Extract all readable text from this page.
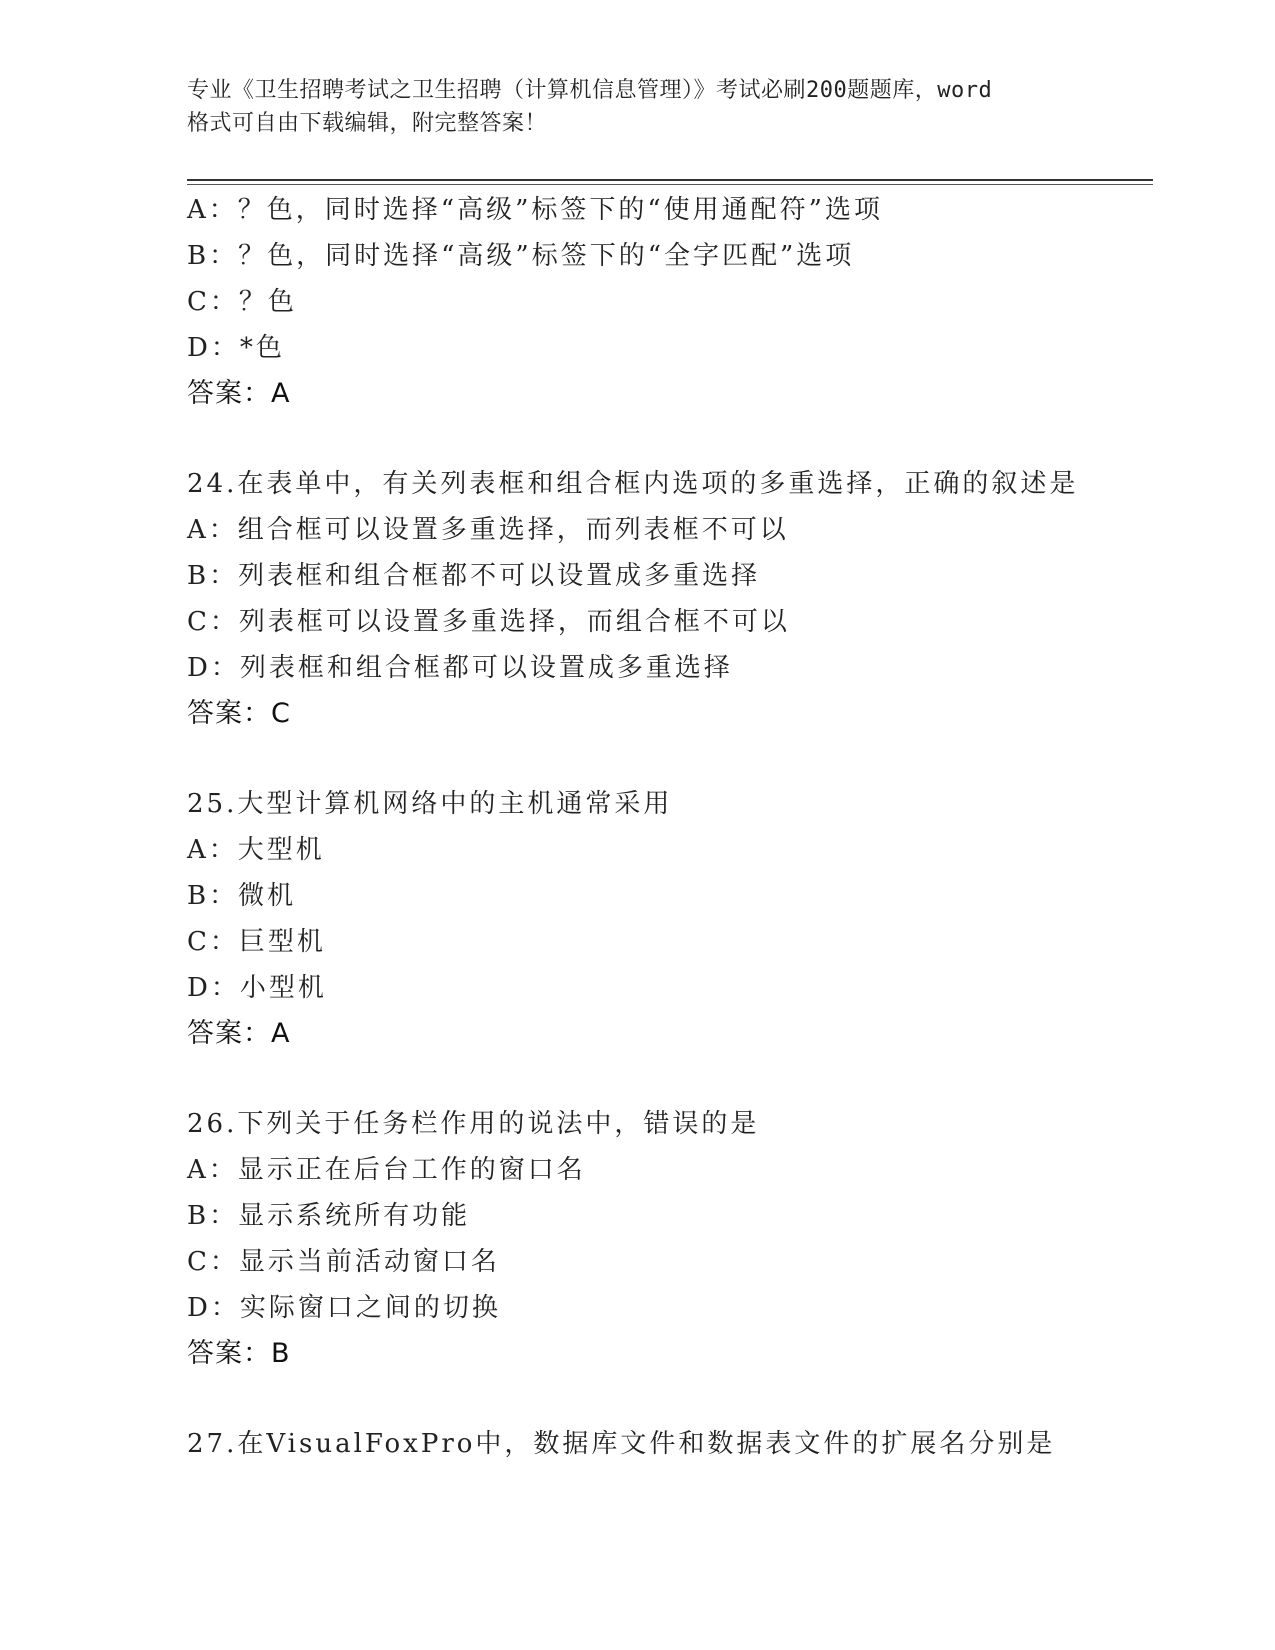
专业《卫生招聘考试之卫生招聘（计算机信息管理）》考试必刷200题题库，word
格式可自由下载编辑，附完整答案！
A：？色，同时选择“高级”标签下的“使用通配符”选项
B：？色，同时选择“高级”标签下的“全字匹配”选项
C：？色
D：*色
答案：A
24.在表单中，有关列表框和组合框内选项的多重选择，正确的叙述是
A：组合框可以设置多重选择，而列表框不可以
B：列表框和组合框都不可以设置成多重选择
C：列表框可以设置多重选择，而组合框不可以
D：列表框和组合框都可以设置成多重选择
答案：C
25.大型计算机网络中的主机通常采用
A：大型机
B：微机
C：巨型机
D：小型机
答案：A
26.下列关于任务栏作用的说法中，错误的是
A：显示正在后台工作的窗口名
B：显示系统所有功能
C：显示当前活动窗口名
D：实际窗口之间的切换
答案：B
27.在VisualFoxPro中，数据库文件和数据表文件的扩展名分别是
